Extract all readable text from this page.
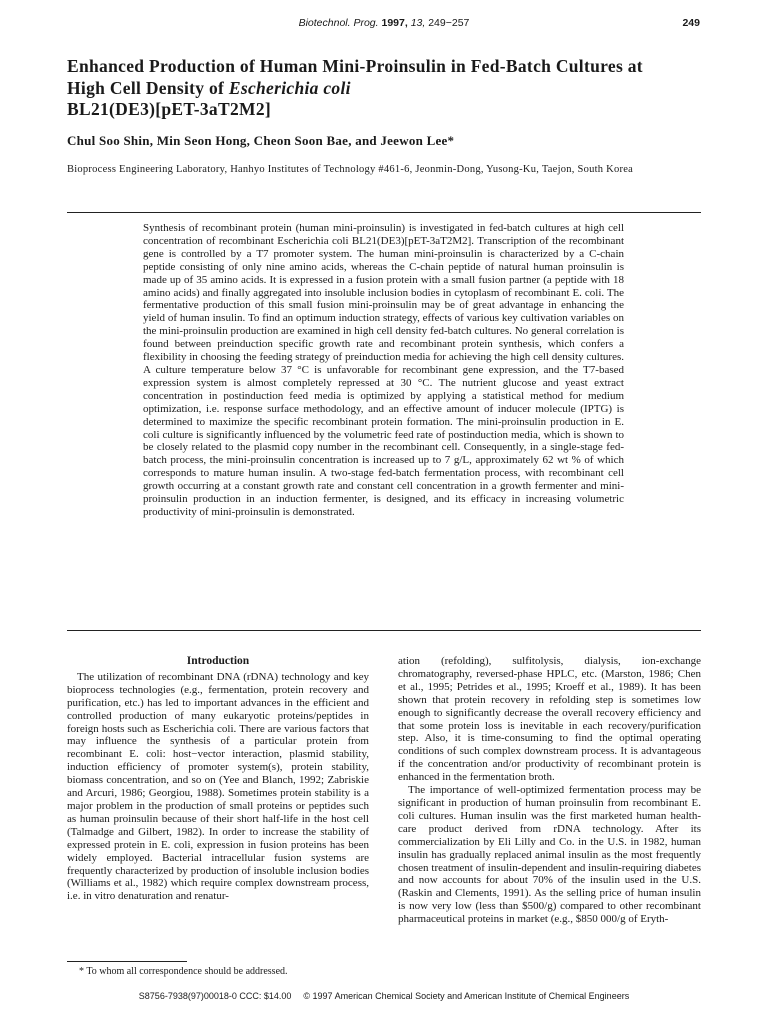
Biotechnol. Prog. 1997, 13, 249−257	249
Enhanced Production of Human Mini-Proinsulin in Fed-Batch Cultures at High Cell Density of Escherichia coli
BL21(DE3)[pET-3aT2M2]
Chul Soo Shin, Min Seon Hong, Cheon Soon Bae, and Jeewon Lee*
Bioprocess Engineering Laboratory, Hanhyo Institutes of Technology #461-6, Jeonmin-Dong, Yusong-Ku, Taejon, South Korea
Synthesis of recombinant protein (human mini-proinsulin) is investigated in fed-batch cultures at high cell concentration of recombinant Escherichia coli BL21(DE3)[pET-3aT2M2]. Transcription of the recombinant gene is controlled by a T7 promoter system. The human mini-proinsulin is characterized by a C-chain peptide consisting of only nine amino acids, whereas the C-chain peptide of natural human proinsulin is made up of 35 amino acids. It is expressed in a fusion protein with a small fusion partner (a peptide with 18 amino acids) and finally aggregated into insoluble inclusion bodies in cytoplasm of recombinant E. coli. The fermentative production of this small fusion mini-proinsulin may be of great advantage in enhancing the yield of human insulin. To find an optimum induction strategy, effects of various key cultivation variables on the mini-proinsulin production are examined in high cell density fed-batch cultures. No general correlation is found between preinduction specific growth rate and recombinant protein synthesis, which confers a flexibility in choosing the feeding strategy of preinduction media for achieving the high cell density cultures. A culture temperature below 37 °C is unfavorable for recombinant gene expression, and the T7-based expression system is almost completely repressed at 30 °C. The nutrient glucose and yeast extract concentration in postinduction feed media is optimized by applying a statistical method for medium optimization, i.e. response surface methodology, and an effective amount of inducer molecule (IPTG) is determined to maximize the specific recombinant protein formation. The mini-proinsulin production in E. coli culture is significantly influenced by the volumetric feed rate of postinduction media, which is shown to be closely related to the plasmid copy number in the recombinant cell. Consequently, in a single-stage fed-batch process, the mini-proinsulin concentration is increased up to 7 g/L, approximately 62 wt % of which corresponds to mature human insulin. A two-stage fed-batch fermentation process, with recombinant cell growth occurring at a constant growth rate and constant cell concentration in a growth fermenter and mini-proinsulin production in an induction fermenter, is designed, and its efficacy in increasing volumetric productivity of mini-proinsulin is demonstrated.
Introduction

The utilization of recombinant DNA (rDNA) technology and key bioprocess technologies (e.g., fermentation, protein recovery and purification, etc.) has led to important advances in the efficient and controlled production of many eukaryotic proteins/peptides in foreign hosts such as Escherichia coli. There are various factors that may influence the synthesis of a particular protein from recombinant E. coli: host−vector interaction, plasmid stability, induction efficiency of promoter system(s), protein stability, biomass concentration, and so on (Yee and Blanch, 1992; Zabriskie and Arcuri, 1986; Georgiou, 1988). Sometimes protein stability is a major problem in the production of small proteins or peptides such as human proinsulin because of their short half-life in the host cell (Talmadge and Gilbert, 1982). In order to increase the stability of expressed protein in E. coli, expression in fusion proteins has been widely employed. Bacterial intracellular fusion systems are frequently characterized by production of insoluble inclusion bodies (Williams et al., 1982) which require complex downstream process, i.e. in vitro denaturation and renatur-

ation (refolding), sulfitolysis, dialysis, ion-exchange chromatography, reversed-phase HPLC, etc. (Marston, 1986; Chen et al., 1995; Petrides et al., 1995; Kroeff et al., 1989). It has been shown that protein recovery in refolding step is sometimes low enough to significantly decrease the overall recovery efficiency and that some protein loss is inevitable in each recovery/purification step. Also, it is time-consuming to find the optimal operating conditions of such complex downstream process. It is advantageous if the concentration and/or productivity of recombinant protein is enhanced in the fermentation broth.

The importance of well-optimized fermentation process may be significant in production of human proinsulin from recombinant E. coli cultures. Human insulin was the first marketed human health-care product derived from rDNA technology. After its commercialization by Eli Lilly and Co. in the U.S. in 1982, human insulin has gradually replaced animal insulin as the most frequently chosen treatment of insulin-dependent and insulin-requiring diabetes and now accounts for about 70% of the insulin used in the U.S. (Raskin and Clements, 1991). As the selling price of human insulin is now very low (less than $500/g) compared to other recombinant pharmaceutical proteins in market (e.g., $850 000/g of Eryth-

* To whom all correspondence should be addressed.
S8756-7938(97)00018-0 CCC: $14.00 © 1997 American Chemical Society and American Institute of Chemical Engineers
